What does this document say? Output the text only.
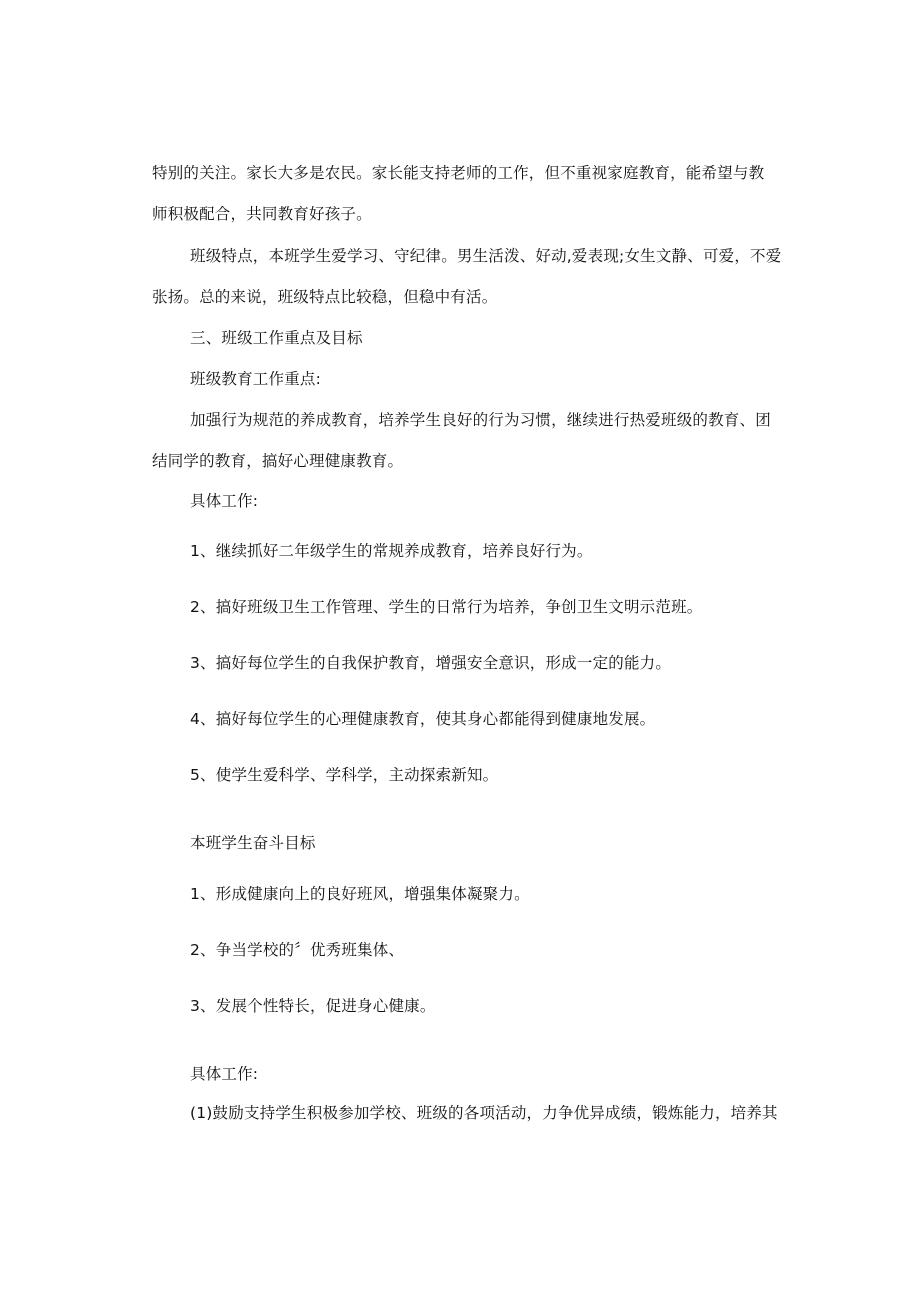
特别的关注。家长大多是农民。家长能支持老师的工作，但不重视家庭教育，能希望与教
师积极配合，共同教育好孩子。
班级特点，本班学生爱学习、守纪律。男生活泼、好动,爱表现;女生文静、可爱，不爱
张扬。总的来说，班级特点比较稳，但稳中有活。
三、班级工作重点及目标
班级教育工作重点:
加强行为规范的养成教育，培养学生良好的行为习惯，继续进行热爱班级的教育、团
结同学的教育，搞好心理健康教育。
具体工作:
1、继续抓好二年级学生的常规养成教育，培养良好行为。
2、搞好班级卫生工作管理、学生的日常行为培养，争创卫生文明示范班。
3、搞好每位学生的自我保护教育，增强安全意识，形成一定的能力。
4、搞好每位学生的心理健康教育，使其身心都能得到健康地发展。
5、使学生爱科学、学科学，主动探索新知。
本班学生奋斗目标
1、形成健康向上的良好班风，增强集体凝聚力。
2、争当学校的〞优秀班集体、
3、发展个性特长，促进身心健康。
具体工作:
(1)鼓励支持学生积极参加学校、班级的各项活动，力争优异成绩，锻炼能力，培养其
